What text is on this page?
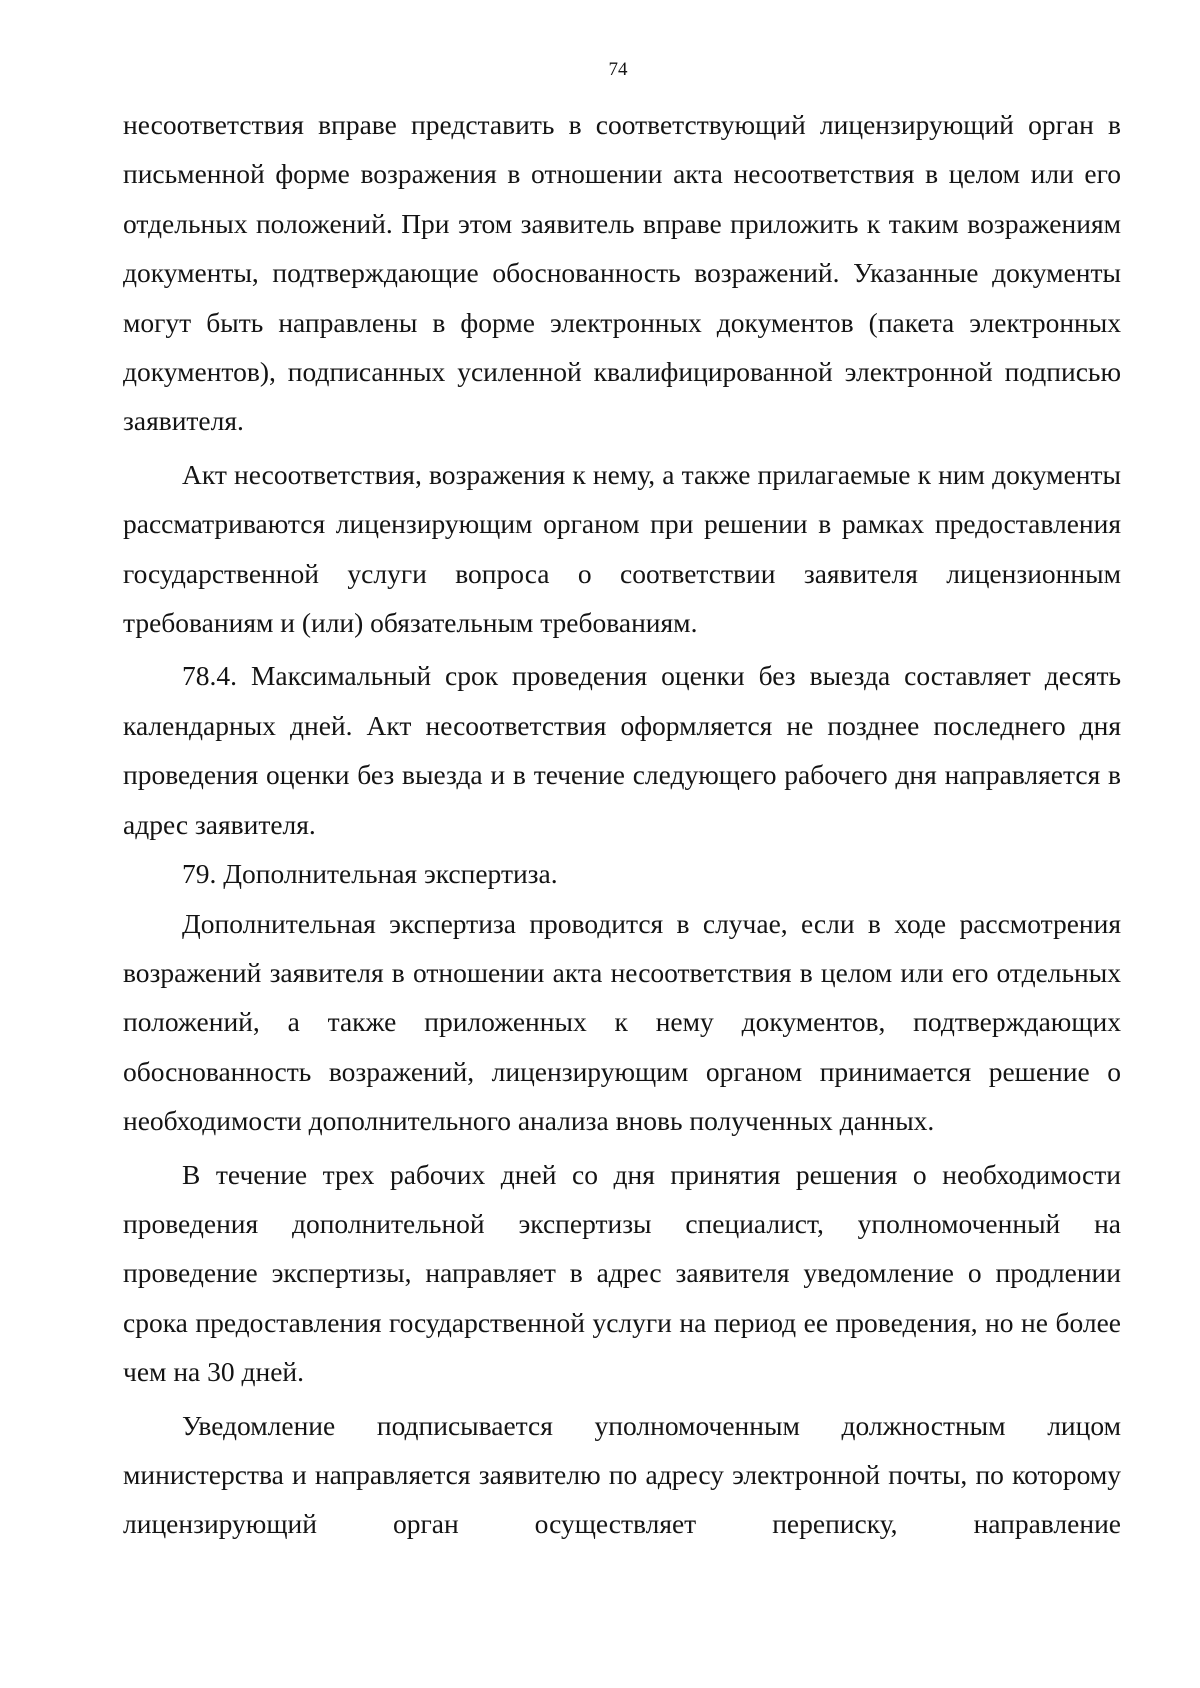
74

несоответствия вправе представить в соответствующий лицензирующий орган в письменной форме возражения в отношении акта несоответствия в целом или его отдельных положений. При этом заявитель вправе приложить к таким возражениям документы, подтверждающие обоснованность возражений. Указанные документы могут быть направлены в форме электронных документов (пакета электронных документов), подписанных усиленной квалифицированной электронной подписью заявителя.

Акт несоответствия, возражения к нему, а также прилагаемые к ним документы рассматриваются лицензирующим органом при решении в рамках предоставления государственной услуги вопроса о соответствии заявителя лицензионным требованиям и (или) обязательным требованиям.

78.4. Максимальный срок проведения оценки без выезда составляет десять календарных дней. Акт несоответствия оформляется не позднее последнего дня проведения оценки без выезда и в течение следующего рабочего дня направляется в адрес заявителя.

79. Дополнительная экспертиза.

Дополнительная экспертиза проводится в случае, если в ходе рассмотрения возражений заявителя в отношении акта несоответствия в целом или его отдельных положений, а также приложенных к нему документов, подтверждающих обоснованность возражений, лицензирующим органом принимается решение о необходимости дополнительного анализа вновь полученных данных.

В течение трех рабочих дней со дня принятия решения о необходимости проведения дополнительной экспертизы специалист, уполномоченный на проведение экспертизы, направляет в адрес заявителя уведомление о продлении срока предоставления государственной услуги на период ее проведения, но не более чем на 30 дней.

Уведомление подписывается уполномоченным должностным лицом министерства и направляется заявителю по адресу электронной почты, по которому лицензирующий орган осуществляет переписку, направление
